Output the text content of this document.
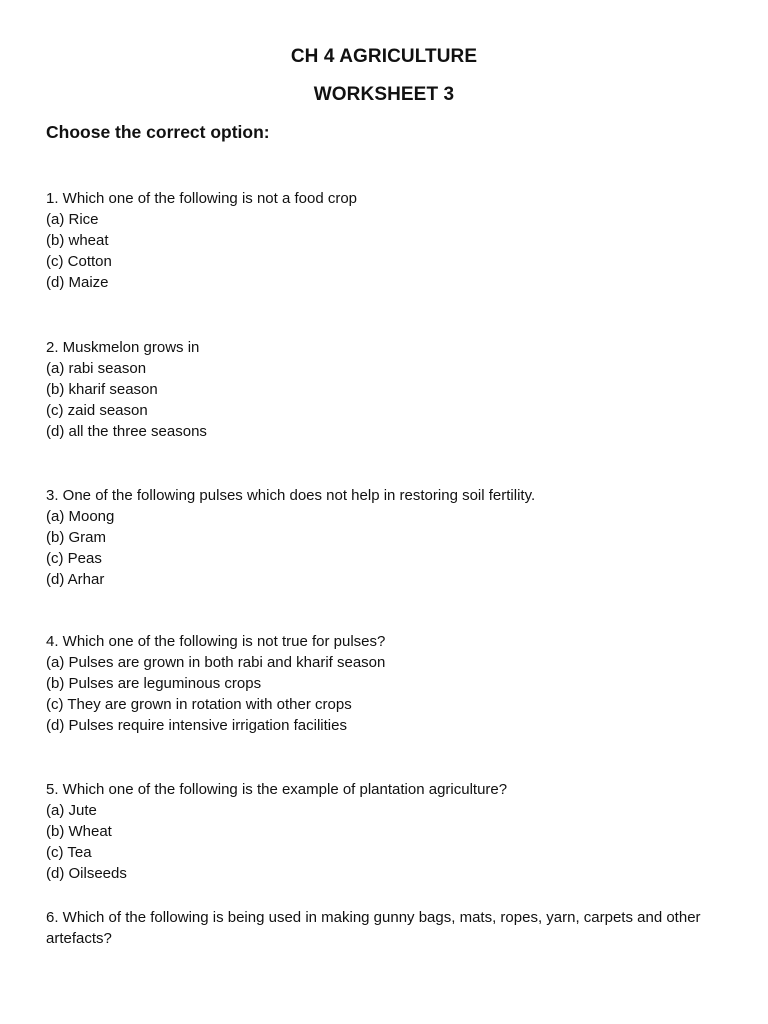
CH 4 AGRICULTURE
WORKSHEET 3
Choose the correct option:
1. Which one of the following is not a food crop
(a) Rice
(b) wheat
(c) Cotton
(d) Maize
2. Muskmelon grows in
(a) rabi season
(b) kharif season
(c) zaid season
(d) all the three seasons
3. One of the following pulses which does not help in restoring soil fertility.
(a) Moong
(b) Gram
(c) Peas
(d) Arhar
4. Which one of the following is not true for pulses?
(a) Pulses are grown in both rabi and kharif season
(b) Pulses are leguminous crops
(c) They are grown in rotation with other crops
(d) Pulses require intensive irrigation facilities
5. Which one of the following is the example of plantation agriculture?
(a) Jute
(b) Wheat
(c) Tea
(d) Oilseeds
6. Which of the following is being used in making gunny bags, mats, ropes, yarn, carpets and other artefacts?
